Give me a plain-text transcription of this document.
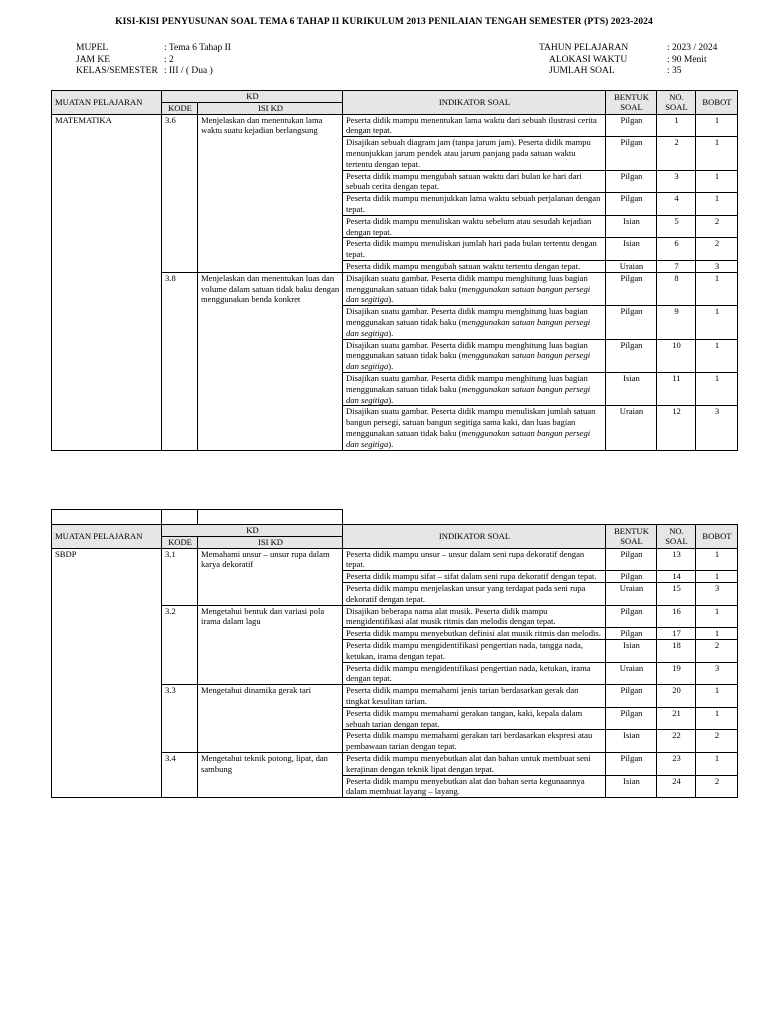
KISI-KISI PENYUSUNAN SOAL TEMA 6 TAHAP II KURIKULUM 2013 PENILAIAN TENGAH SEMESTER (PTS) 2023-2024
MUPEL	: Tema 6 Tahap II
JAM KE	: 2
KELAS/SEMESTER : III / ( Dua )
TAHUN PELAJARAN	: 2023 / 2024
ALOKASI WAKTU	: 90 Menit
JUMLAH SOAL	: 35
MUATAN PELAJARAN	KD		INDIKATOR SOAL	BENTUK SOAL	NO. SOAL	BOBOT
	KODE	ISI KD				
MATEMATIKA	3.6	Menjelaskan dan menentukan lama waktu suatu kejadian berlangsung	Peserta didik mampu menentukan lama waktu dari sebuah ilustrasi cerita dengan tepat.	Pilgan	1	1
			Disajikan sebuah diagram jam (tanpa jarum jam). Peserta didik mampu menunjukkan jarum pendek atau jarum panjang pada satuan waktu tertentu dengan tepat.	Pilgan	2	1
			Peserta didik mampu mengubah satuan waktu dari bulan ke hari dari sebuah cerita dengan tepat.	Pilgan	3	1
			Peserta didik mampu menunjukkan lama waktu sebuah perjalanan dengan tepat.	Pilgan	4	1
			Peserta didik mampu menuliskan waktu sebelum atau sesudah kejadian dengan tepat.	Isian	5	2
			Peserta didik mampu menuliskan jumlah hari pada bulan tertentu dengan tepat.	Isian	6	2
			Peserta didik mampu mengubah satuan waktu tertentu dengan tepat.	Uraian	7	3
	3.8	Menjelaskan dan menentukan luas dan volume dalam satuan tidak baku dengan menggunakan benda konkret	Disajikan suatu gambar. Peserta didik mampu menghitung luas bagian menggunakan satuan tidak baku (menggunakan satuan bangun persegi dan segitiga).	Pilgan	8	1
			Disajikan suatu gambar. Peserta didik mampu menghitung luas bagian menggunakan satuan tidak baku (menggunakan satuan bangun persegi dan segitiga).	Pilgan	9	1
			Disajikan suatu gambar. Peserta didik mampu menghitung luas bagian menggunakan satuan tidak baku (menggunakan satuan bangun persegi dan segitiga).	Pilgan	10	1
			Disajikan suatu gambar. Peserta didik mampu menghitung luas bagian menggunakan satuan tidak baku (menggunakan satuan bangun persegi dan segitiga).	Isian	11	1
			Disajikan suatu gambar. Peserta didik mampu menuliskan jumlah satuan bangun persegi, satuan bangun segitiga sama kaki, dan luas bagian menggunakan satuan tidak baku (menggunakan satuan bangun persegi dan segitiga).	Uraian	12	3

MUATAN PELAJARAN	KD		INDIKATOR SOAL	BENTUK SOAL	NO. SOAL	BOBOT
	KODE	ISI KD				
SBDP	3.1	Memahami unsur – unsur rupa dalam karya dekoratif	Peserta didik mampu unsur – unsur dalam seni rupa dekoratif dengan tepat.	Pilgan	13	1
			Peserta didik mampu sifat – sifat dalam seni rupa dekoratif dengan tepat.	Pilgan	14	1
			Peserta didik mampu menjelaskan unsur yang terdapat pada seni rupa dekoratif dengan tepat.	Uraian	15	3
	3.2	Mengetahui bentuk dan variasi pola irama dalam lagu	Disajikan beberapa nama alat musik. Peserta didik mampu mengidentifikasi alat musik ritmis dan melodis dengan tepat.	Pilgan	16	1
			Peserta didik mampu menyebutkan definisi alat musik ritmis dan melodis.	Pilgan	17	1
			Peserta didik mampu mengidentifikasi pengertian nada, tangga nada, ketukan, irama dengan tepat.	Isian	18	2
			Peserta didik mampu mengidentifikasi pengertian nada, ketukan, irama dengan tepat.	Uraian	19	3
	3.3	Mengetahui dinamika gerak tari	Peserta didik mampu memahami jenis tarian berdasarkan gerak dan tingkat kesulitan tarian.	Pilgan	20	1
			Peserta didik mampu memahami gerakan tangan, kaki, kepala dalam sebuah tarian dengan tepat.	Pilgan	21	1
			Peserta didik mampu memahami gerakan tari berdasarkan ekspresi atau pembawaan tarian dengan tepat.	Isian	22	2
	3.4	Mengetahui teknik potong, lipat, dan sambung	Peserta didik mampu menyebutkan alat dan bahan untuk membuat seni kerajinan dengan teknik lipat dengan tepat.	Pilgan	23	1
			Peserta didik mampu menyebutkan alat dan bahan serta kegunaannya dalam membuat layang – layang.	Isian	24	2
